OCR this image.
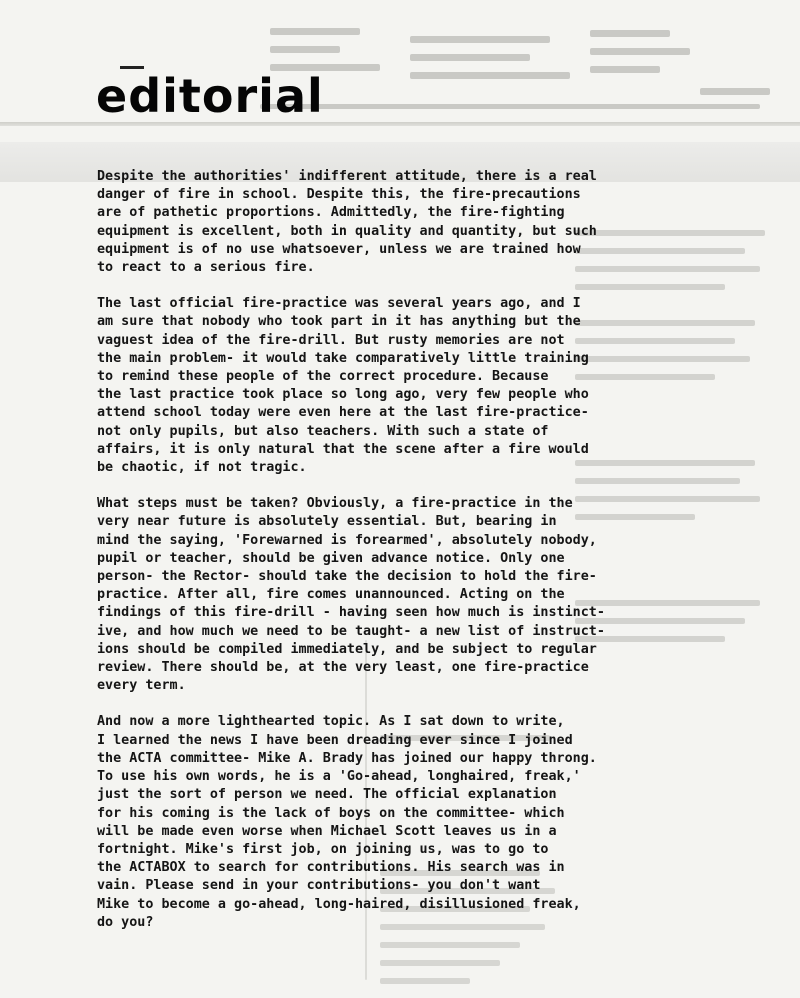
editorial

Despite the authorities' indifferent attitude, there is a real
danger of fire in school. Despite this, the fire-precautions
are of pathetic proportions. Admittedly, the fire-fighting
equipment is excellent, both in quality and quantity, but such
equipment is of no use whatsoever, unless we are trained how
to react to a serious fire.

The last official fire-practice was several years ago, and I
am sure that nobody who took part in it has anything but the
vaguest idea of the fire-drill. But rusty memories are not
the main problem- it would take comparatively little training
to remind these people of the correct procedure. Because
the last practice took place so long ago, very few people who
attend school today were even here at the last fire-practice-
not only pupils, but also teachers. With such a state of
affairs, it is only natural that the scene after a fire would
be chaotic, if not tragic.

What steps must be taken? Obviously, a fire-practice in the
very near future is absolutely essential. But, bearing in
mind the saying, 'Forewarned is forearmed', absolutely nobody,
pupil or teacher, should be given advance notice. Only one
person- the Rector- should take the decision to hold the fire-
practice. After all, fire comes unannounced. Acting on the
findings of this fire-drill - having seen how much is instinct-
ive, and how much we need to be taught- a new list of instruct-
ions should be compiled immediately, and be subject to regular
review. There should be, at the very least, one fire-practice
every term.

And now a more lighthearted topic. As I sat down to write,
I learned the news I have been dreading ever since I joined
the ACTA committee- Mike A. Brady has joined our happy throng.
To use his own words, he is a 'Go-ahead, longhaired, freak,'
just the sort of person we need. The official explanation
for his coming is the lack of boys on the committee- which
will be made even worse when Michael Scott leaves us in a
fortnight. Mike's first job, on joining us, was to go to
the ACTABOX to search for contributions. His search was in
vain. Please send in your contributions- you don't want
Mike to become a go-ahead, long-haired, disillusioned freak,
do you?
